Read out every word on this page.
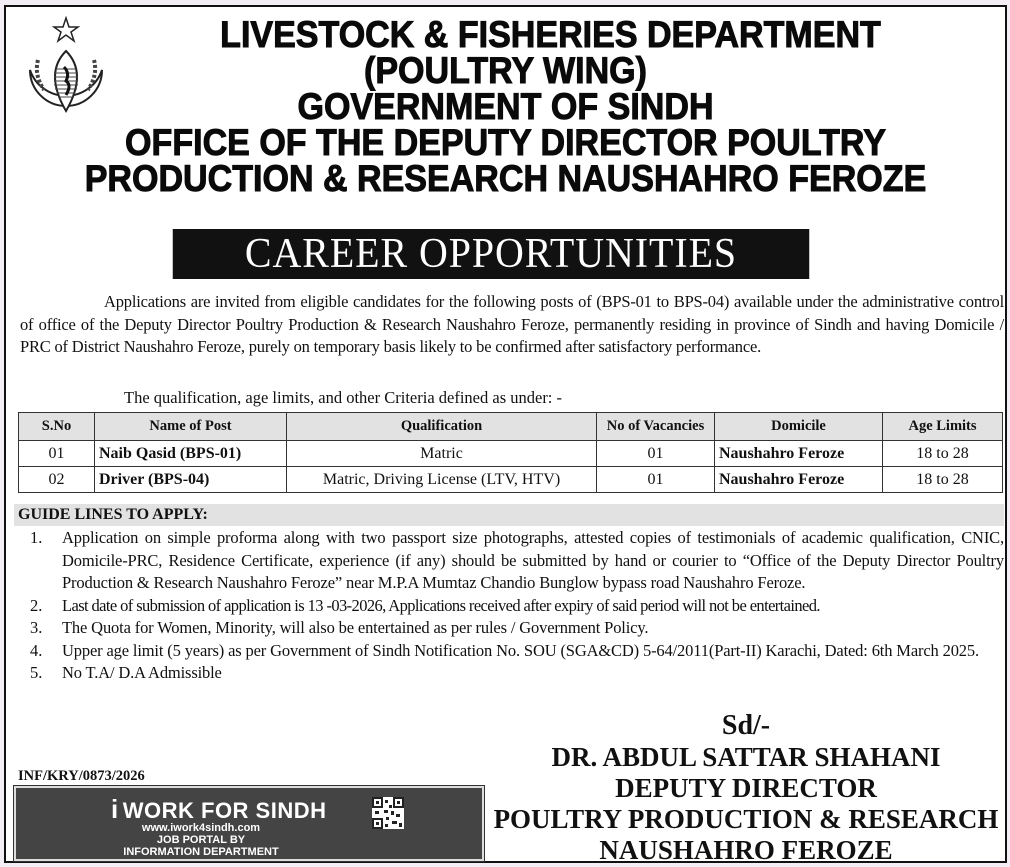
LIVESTOCK & FISHERIES DEPARTMENT
(POULTRY WING)
GOVERNMENT OF SINDH
OFFICE OF THE DEPUTY DIRECTOR POULTRY
PRODUCTION & RESEARCH NAUSHAHRO FEROZE
CAREER OPPORTUNITIES
Applications are invited from eligible candidates for the following posts of (BPS-01 to BPS-04) available under the administrative control of office of the Deputy Director Poultry Production & Research Naushahro Feroze, permanently residing in province of Sindh and having Domicile / PRC of District Naushahro Feroze, purely on temporary basis likely to be confirmed after satisfactory performance.
The qualification, age limits, and other Criteria defined as under: -
S.No	Name of Post	Qualification	No of Vacancies	Domicile	Age Limits
01	Naib Qasid (BPS-01)	Matric	01	Naushahro Feroze	18 to 28
02	Driver (BPS-04)	Matric, Driving License (LTV, HTV)	01	Naushahro Feroze	18 to 28
GUIDE LINES TO APPLY:
1.	Application on simple proforma along with two passport size photographs, attested copies of testimonials of academic qualification, CNIC, Domicile-PRC, Residence Certificate, experience (if any) should be submitted by hand or courier to “Office of the Deputy Director Poultry Production & Research Naushahro Feroze” near M.P.A Mumtaz Chandio Bunglow bypass road Naushahro Feroze.
2.	Last date of submission of application is 13 -03-2026, Applications received after expiry of said period will not be entertained.
3.	The Quota for Women, Minority, will also be entertained as per rules / Government Policy.
4.	Upper age limit (5 years) as per Government of Sindh Notification No. SOU (SGA&CD) 5-64/2011(Part-II) Karachi, Dated: 6th March 2025.
5.	No T.A/ D.A Admissible
Sd/-
DR. ABDUL SATTAR SHAHANI
DEPUTY DIRECTOR
POULTRY PRODUCTION & RESEARCH
NAUSHAHRO FEROZE
INF/KRY/0873/2026
i WORK FOR SINDH
www.iwork4sindh.com
JOB PORTAL BY
INFORMATION DEPARTMENT
